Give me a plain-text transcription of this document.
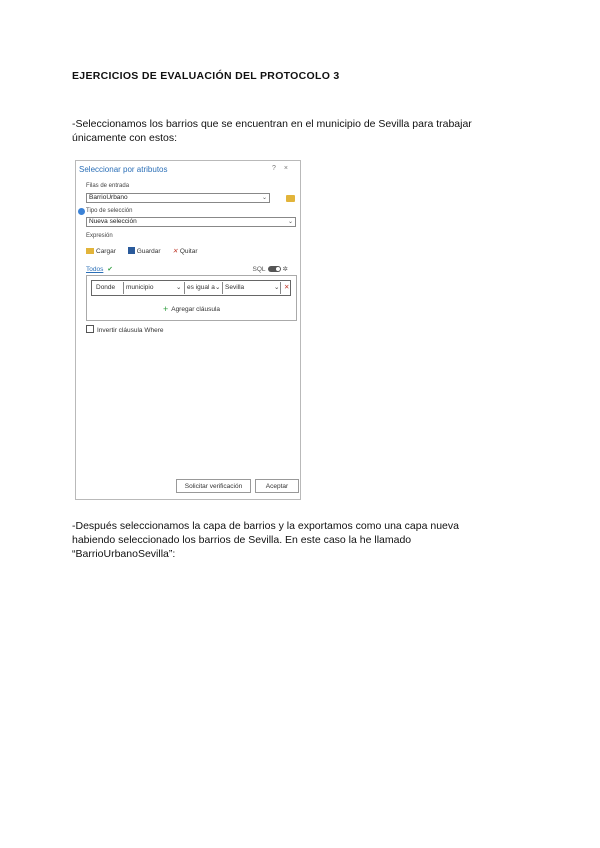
EJERCICIOS DE EVALUACIÓN DEL PROTOCOLO 3
-Seleccionamos los barrios que se encuentran en el municipio de Sevilla para trabajar
únicamente con estos:
Seleccionar por atributos	?×
Filas de entrada
BarrioUrbano	⌄
Tipo de selección
Nueva selección	⌄
Expresión
Cargar	Guardar ✕ Quitar
Todos ✔	SQL	✲
Donde municipio	⌄ es igual a ⌄ Sevilla	⌄ ✕
+ Agregar cláusula
Invertir cláusula Where
Solicitar verificación	Aceptar
-Después seleccionamos la capa de barrios y la exportamos como una capa nueva
habiendo seleccionado los barrios de Sevilla. En este caso la he llamado
“BarrioUrbanoSevilla”:
